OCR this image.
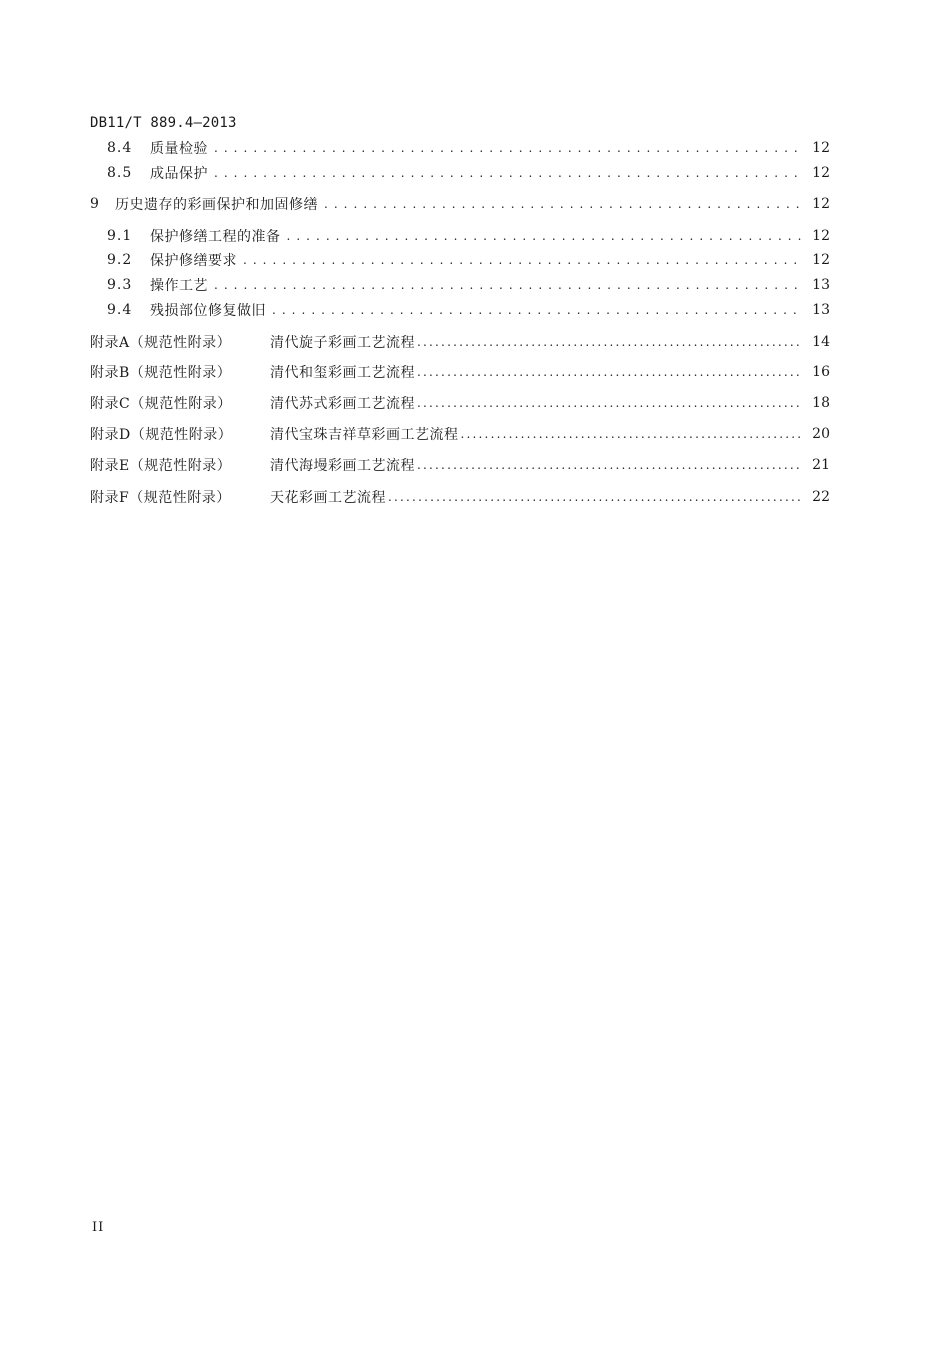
DB11/T 889.4—2013
8.4	质量检验 . . .	12
8.5	成品保护 . . .	12
9	历史遗存的彩画保护和加固修缮 . . .	12
9.1	保护修缮工程的准备 . . .	12
9.2	保护修缮要求 . . .	12
9.3	操作工艺 . . .	13
9.4	残损部位修复做旧 . . .	13
附录A（规范性附录）	清代旋子彩画工艺流程 .....	14
附录B（规范性附录）	清代和玺彩画工艺流程 .....	16
附录C（规范性附录）	清代苏式彩画工艺流程 .....	18
附录D（规范性附录）	清代宝珠吉祥草彩画工艺流程 .....	20
附录E（规范性附录）	清代海墁彩画工艺流程 .....	21
附录F（规范性附录）	天花彩画工艺流程 .....	22
II
